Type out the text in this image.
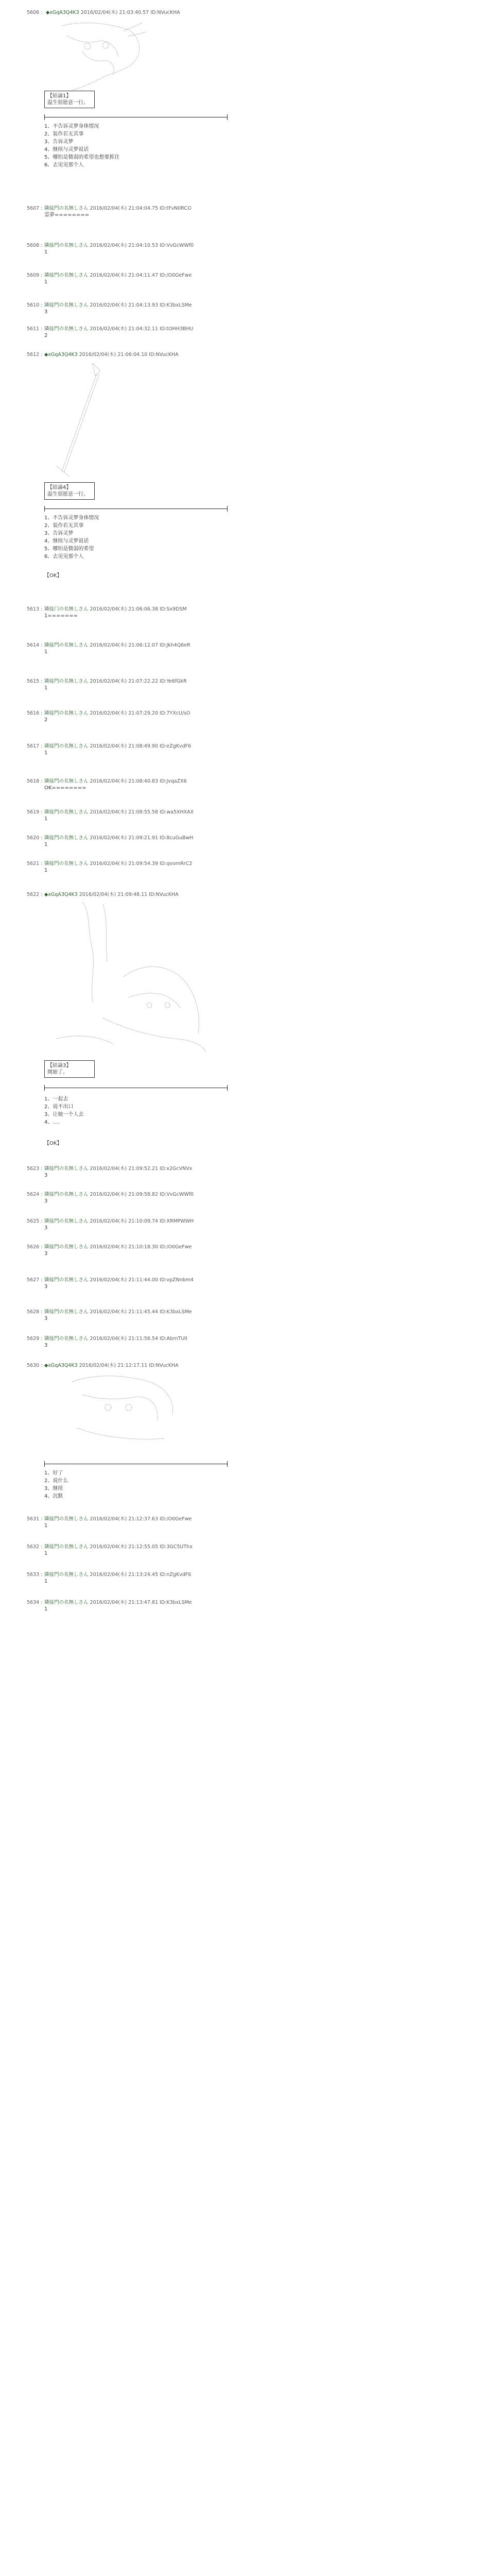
5606 : ◆xGqA3Q4K3 2016/02/04(木) 21:03:40.57 ID:NVucKHA
【結論1】
温生很愿意一行。
1、不告诉灵梦身体情况
2、装作若无其事
3、告诉灵梦
4、继续与灵梦说话
5、哪怕是微弱的希望也想要抓住
6、去见见那个人
5607 : 隣接門の名無しさん 2016/02/04(木) 21:04:04.75 ID:tFvN0RCO
霊夢========
5608 : 隣接門の名無しさん 2016/02/04(木) 21:04:10.53 ID:VvGcWWf0
1
5609 : 隣接門の名無しさん 2016/02/04(木) 21:04:11.47 ID:/O0GeFwe
1
5610 : 隣接門の名無しさん 2016/02/04(木) 21:04:13.93 ID:K3bxLSMe
3
5611 : 隣接門の名無しさん 2016/02/04(木) 21:04:32.11 ID:tOHH3BHU
2
5612 : ◆xGqA3Q4K3 2016/02/04(木) 21:06:04.10 ID:NVucKHA
【結論4】
温生很愿意一行。
1、不告诉灵梦身体情况
2、装作若无其事
3、告诉灵梦
4、继续与灵梦说话
5、哪怕是微弱的希望
6、去见见那个人
【OK】
5613 : 隣接门の名無しさん 2016/02/04(木) 21:06:06.38 ID:Sx9DSM
1=======
5614 : 隣接門の名無しさん 2016/02/04(木) 21:06:12.07 ID:Jkh4Q6eR
1
5615 : 隣接門の名無しさん 2016/02/04(木) 21:07:22.22 ID:Ye6fGkR
1
5616 : 隣接門の名無しさん 2016/02/04(木) 21:07:29.20 ID:7YXcU/sO
2
5617 : 隣接門の名無しさん 2016/02/04(木) 21:08:49.90 ID:eZgKvdF6
1
5618 : 隣接門の名無しさん 2016/02/04(木) 21:08:40.83 ID:JvqaZX6
OK========
5619 : 隣接門の名無しさん 2016/02/04(木) 21:08:55.58 ID:wa5XHXAX
1
5620 : 隣接門の名無しさん 2016/02/04(木) 21:09:21.91 ID:8cuGuBwH
1
5621 : 隣接門の名無しさん 2016/02/04(木) 21:09:54.39 ID:qvomRrC2
1
5622 : ◆xGqA3Q4K3 2016/02/04(木) 21:09:48.11 ID:NVucKHA
【結論3】
開始了。
1、一起去
2、说不出口
3、让她一个人去
4、....
【OK】
5623 : 隣接門の名無しさん 2016/02/04(木) 21:09:52.21 ID:x2GcVNVx
3
5624 : 隣接門の名無しさん 2016/02/04(木) 21:09:58.82 ID:VvGcWWf0
3
5625 : 隣接門の名無しさん 2016/02/04(木) 21:10:09.74 ID:XRMPWWH
3
5626 : 隣接門の名無しさん 2016/02/04(木) 21:10:18.30 ID:/O0GeFwe
3
5627 : 隣接門の名無しさん 2016/02/04(木) 21:11:44.00 ID:vpZNnbm4
3
5628 : 隣接門の名無しさん 2016/02/04(木) 21:11:45.44 ID:K3bxLSMe
3
5629 : 隣接門の名無しさん 2016/02/04(木) 21:11:56.54 ID:AbrnTUlI
3
5630 : ◆xGqA3Q4K3 2016/02/04(木) 21:12:17.11 ID:NVucKHA
1、好了
2、说什么
3、继续
4、沉默
5631 : 隣接門の名無しさん 2016/02/04(木) 21:12:37.63 ID:/O0GeFwe
1
5632 : 隣接門の名無しさん 2016/02/04(木) 21:12:55.05 ID:3GC5UThx
1
5633 : 隣接門の名無しさん 2016/02/04(木) 21:13:24.45 ID:nZgKvdF6
1
5634 : 隣接門の名無しさん 2016/02/04(木) 21:13:47.81 ID:K3bxLSMe
1
